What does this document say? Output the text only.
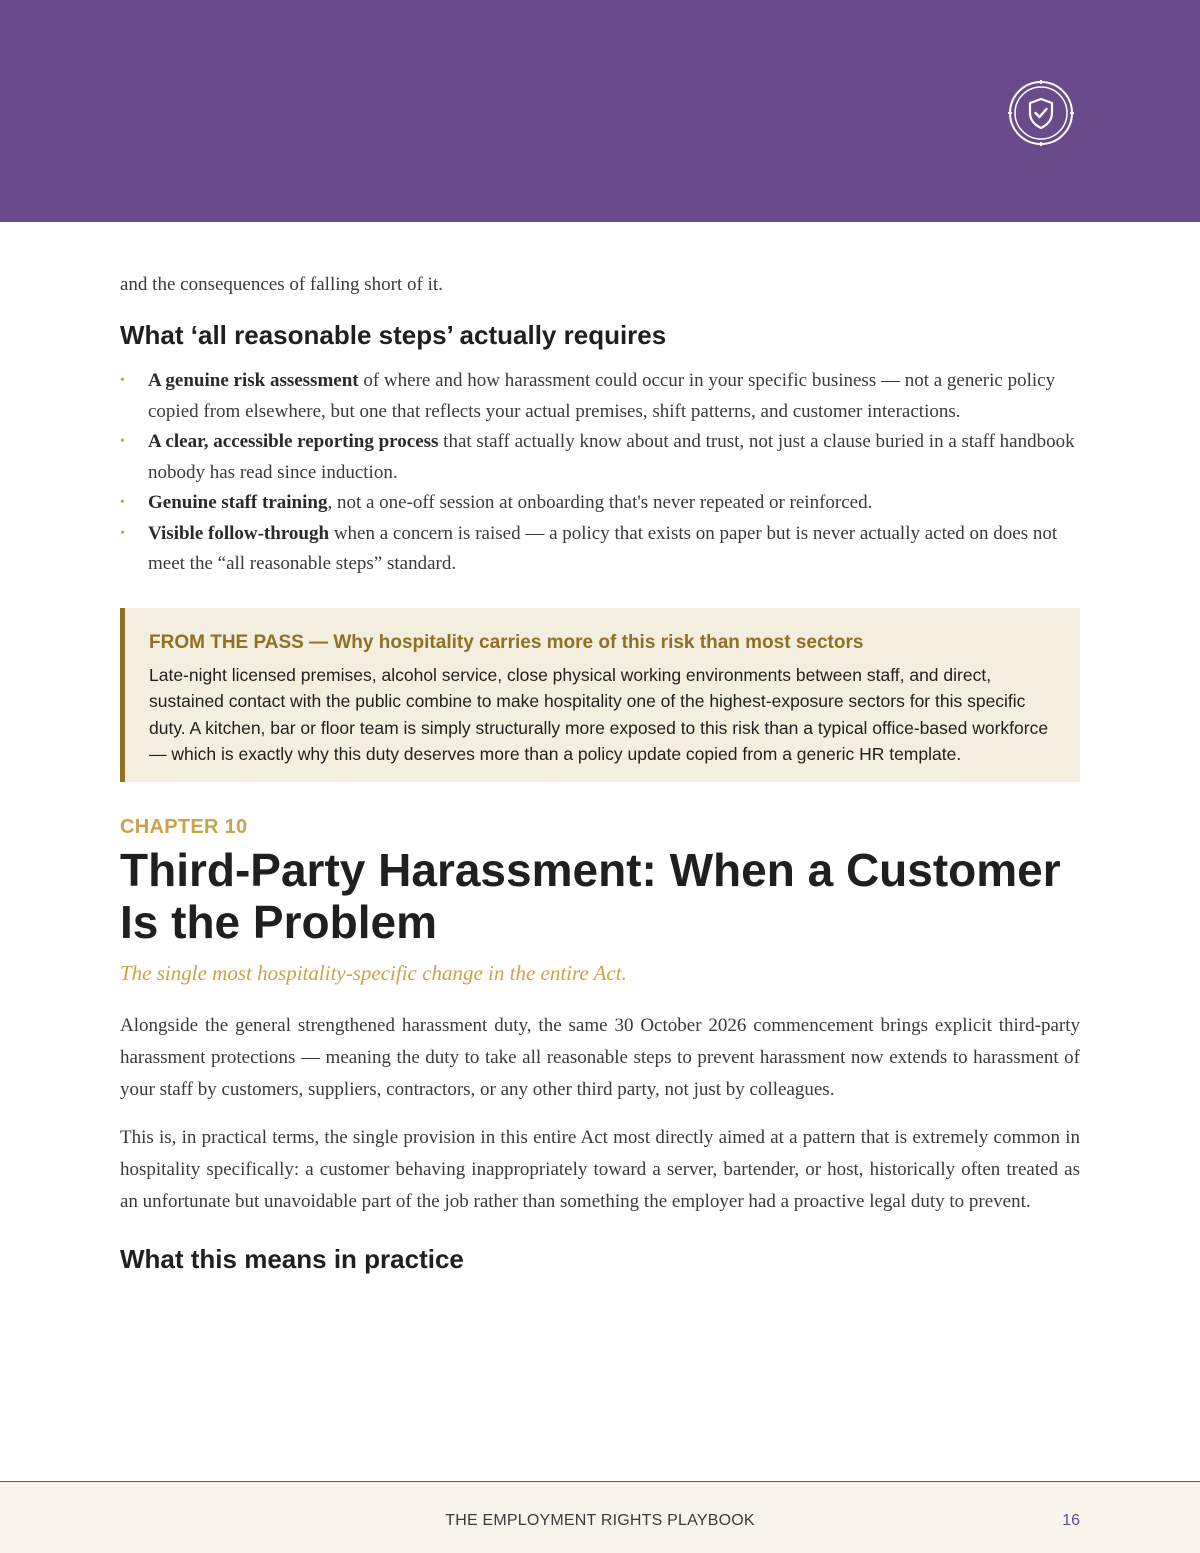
and the consequences of falling short of it.

What ‘all reasonable steps’ actually requires
• A genuine risk assessment of where and how harassment could occur in your specific business — not a generic policy copied from elsewhere, but one that reflects your actual premises, shift patterns, and customer interactions.
• A clear, accessible reporting process that staff actually know about and trust, not just a clause buried in a staff handbook nobody has read since induction.
• Genuine staff training, not a one-off session at onboarding that's never repeated or reinforced.
• Visible follow-through when a concern is raised — a policy that exists on paper but is never actually acted on does not meet the “all reasonable steps” standard.

FROM THE PASS — Why hospitality carries more of this risk than most sectors

Late-night licensed premises, alcohol service, close physical working environments between staff, and direct, sustained contact with the public combine to make hospitality one of the highest-exposure sectors for this specific duty. A kitchen, bar or floor team is simply structurally more exposed to this risk than a typical office-based workforce — which is exactly why this duty deserves more than a policy update copied from a generic HR template.

CHAPTER 10
Third-Party Harassment: When a Customer Is the Problem
The single most hospitality-specific change in the entire Act.

Alongside the general strengthened harassment duty, the same 30 October 2026 commencement brings explicit third-party harassment protections — meaning the duty to take all reasonable steps to prevent harassment now extends to harassment of your staff by customers, suppliers, contractors, or any other third party, not just by colleagues.

This is, in practical terms, the single provision in this entire Act most directly aimed at a pattern that is extremely common in hospitality specifically: a customer behaving inappropriately toward a server, bartender, or host, historically often treated as an unfortunate but unavoidable part of the job rather than something the employer had a proactive legal duty to prevent.

What this means in practice
THE EMPLOYMENT RIGHTS PLAYBOOK	16
